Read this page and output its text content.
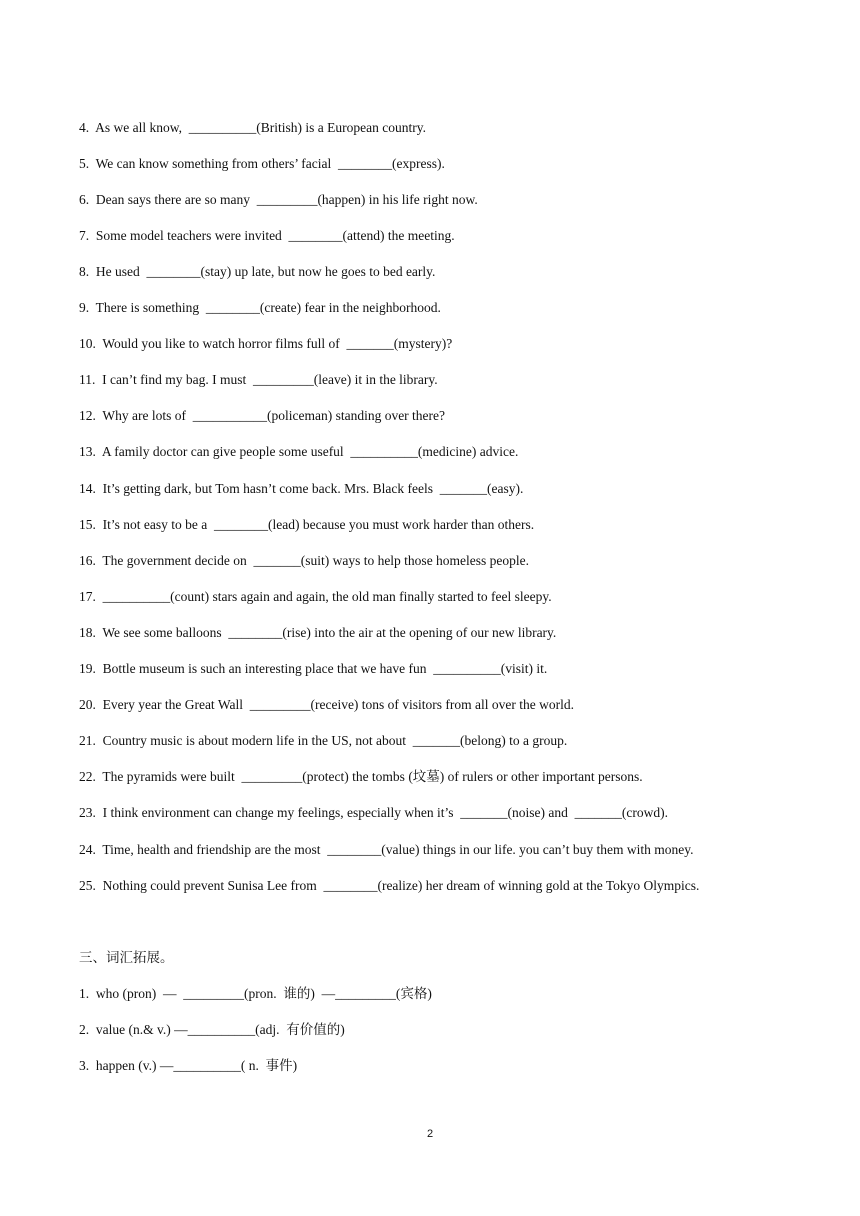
4.  As we all know,  __________(British) is a European country.
5.  We can know something from others’ facial  ________(express).
6.  Dean says there are so many  _________(happen) in his life right now.
7.  Some model teachers were invited  ________(attend) the meeting.
8.  He used  ________(stay) up late, but now he goes to bed early.
9.  There is something  ________(create) fear in the neighborhood.
10.  Would you like to watch horror films full of  _______(mystery)?
11.  I can’t find my bag. I must  _________(leave) it in the library.
12.  Why are lots of  ___________(policeman) standing over there?
13.  A family doctor can give people some useful  __________(medicine) advice.
14.  It’s getting dark, but Tom hasn’t come back. Mrs. Black feels  _______(easy).
15.  It’s not easy to be a  ________(lead) because you must work harder than others.
16.  The government decide on  _______(suit) ways to help those homeless people.
17.  __________(count) stars again and again, the old man finally started to feel sleepy.
18.  We see some balloons  ________(rise) into the air at the opening of our new library.
19.  Bottle museum is such an interesting place that we have fun  __________(visit) it.
20.  Every year the Great Wall  _________(receive) tons of visitors from all over the world.
21.  Country music is about modern life in the US, not about  _______(belong) to a group.
22.  The pyramids were built  _________(protect) the tombs (坟墓) of rulers or other important persons.
23.  I think environment can change my feelings, especially when it’s  _______(noise) and  _______(crowd).
24.  Time, health and friendship are the most  ________(value) things in our life. you can’t buy them with money.
25.  Nothing could prevent Sunisa Lee from  ________(realize) her dream of winning gold at the Tokyo Olympics.
三、词汇拓展。
1.  who (pron)  —  _________(pron.  谁的)  —_________(宾格)
2.  value (n.& v.) —__________(adj.  有价值的)
3.  happen (v.) —__________( n.  事件)
2
